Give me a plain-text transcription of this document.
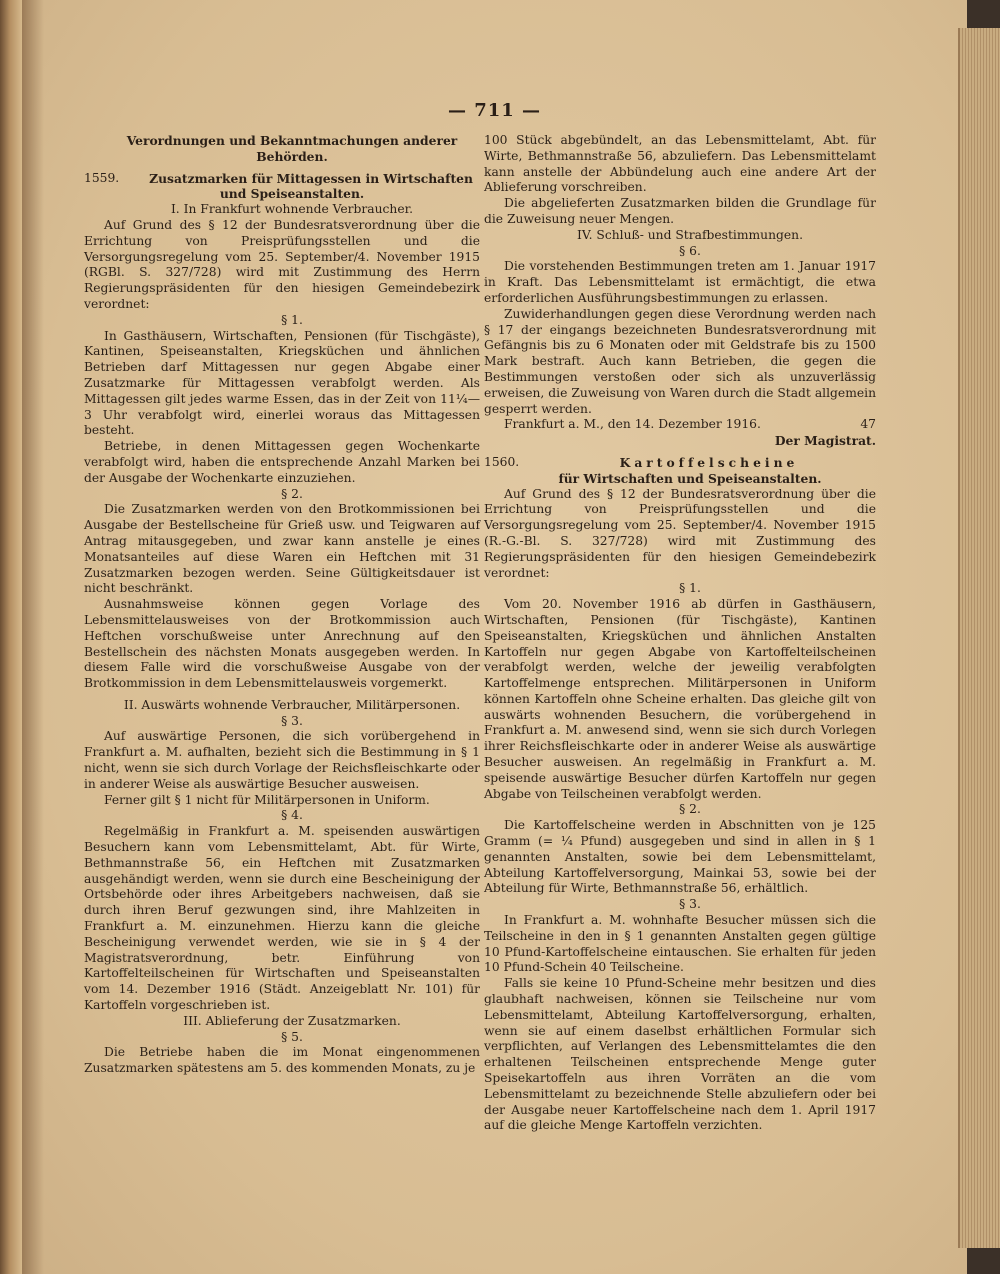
— 711 —

Verordnungen und Bekanntmachungen anderer

Behörden.

1559.	Zusatzmarken für Mittagessen in Wirtschaften

und Speiseanstalten.

I. In Frankfurt wohnende Verbraucher.

Auf Grund des § 12 der Bundesratsverordnung über die Errichtung von Preisprüfungsstellen und die Versorgungsregelung vom 25. September/4. November 1915 (RGBl. S. 327/728) wird mit Zustimmung des Herrn Regierungspräsidenten für den hiesigen Gemeindebezirk verordnet:

§ 1.

In Gasthäusern, Wirtschaften, Pensionen (für Tischgäste), Kantinen, Speiseanstalten, Kriegsküchen und ähnlichen Betrieben darf Mittagessen nur gegen Abgabe einer Zusatzmarke für Mittagessen verabfolgt werden. Als Mittagessen gilt jedes warme Essen, das in der Zeit von 11¼—3 Uhr verabfolgt wird, einerlei woraus das Mittagessen besteht.

Betriebe, in denen Mittagessen gegen Wochenkarte verabfolgt wird, haben die entsprechende Anzahl Marken bei der Ausgabe der Wochenkarte einzuziehen.

§ 2.

Die Zusatzmarken werden von den Brotkommissionen bei Ausgabe der Bestellscheine für Grieß usw. und Teigwaren auf Antrag mitausgegeben, und zwar kann anstelle je eines Monatsanteiles auf diese Waren ein Heftchen mit 31 Zusatzmarken bezogen werden. Seine Gültigkeitsdauer ist nicht beschränkt.

Ausnahmsweise können gegen Vorlage des Lebensmittelausweises von der Brotkommission auch Heftchen vorschußweise unter Anrechnung auf den Bestellschein des nächsten Monats ausgegeben werden. In diesem Falle wird die vorschußweise Ausgabe von der Brotkommission in dem Lebensmittelausweis vorgemerkt.

II. Auswärts wohnende Verbraucher, Militärpersonen.

§ 3.

Auf auswärtige Personen, die sich vorübergehend in Frankfurt a. M. aufhalten, bezieht sich die Bestimmung in § 1 nicht, wenn sie sich durch Vorlage der Reichsfleischkarte oder in anderer Weise als auswärtige Besucher ausweisen.

Ferner gilt § 1 nicht für Militärpersonen in Uniform.

§ 4.

Regelmäßig in Frankfurt a. M. speisenden auswärtigen Besuchern kann vom Lebensmittelamt, Abt. für Wirte, Bethmannstraße 56, ein Heftchen mit Zusatzmarken ausgehändigt werden, wenn sie durch eine Bescheinigung der Ortsbehörde oder ihres Arbeitgebers nachweisen, daß sie durch ihren Beruf gezwungen sind, ihre Mahlzeiten in Frankfurt a. M. einzunehmen. Hierzu kann die gleiche Bescheinigung verwendet werden, wie sie in § 4 der Magistratsverordnung, betr. Einführung von Kartoffelteilscheinen für Wirtschaften und Speiseanstalten vom 14. Dezember 1916 (Städt. Anzeigeblatt Nr. 101) für Kartoffeln vorgeschrieben ist.

III. Ablieferung der Zusatzmarken.

§ 5.

Die Betriebe haben die im Monat eingenommenen Zusatzmarken spätestens am 5. des kommenden Monats, zu je

100 Stück abgebündelt, an das Lebensmittelamt, Abt. für Wirte, Bethmannstraße 56, abzuliefern. Das Lebensmittelamt kann anstelle der Abbündelung auch eine andere Art der Ablieferung vorschreiben.

Die abgelieferten Zusatzmarken bilden die Grundlage für die Zuweisung neuer Mengen.

IV. Schluß- und Strafbestimmungen.

§ 6.

Die vorstehenden Bestimmungen treten am 1. Januar 1917 in Kraft. Das Lebensmittelamt ist ermächtigt, die etwa erforderlichen Ausführungsbestimmungen zu erlassen.

Zuwiderhandlungen gegen diese Verordnung werden nach § 17 der eingangs bezeichneten Bundesratsverordnung mit Gefängnis bis zu 6 Monaten oder mit Geldstrafe bis zu 1500 Mark bestraft. Auch kann Betrieben, die gegen die Bestimmungen verstoßen oder sich als unzuverlässig erweisen, die Zuweisung von Waren durch die Stadt allgemein gesperrt werden.

Frankfurt a. M., den 14. Dezember 1916.	47

Der Magistrat.

1560.	Kartoffelscheine

für Wirtschaften und Speiseanstalten.

Auf Grund des § 12 der Bundesratsverordnung über die Errichtung von Preisprüfungsstellen und die Versorgungsregelung vom 25. September/4. November 1915 (R.-G.-Bl. S. 327/728) wird mit Zustimmung des Regierungspräsidenten für den hiesigen Gemeindebezirk verordnet:

§ 1.

Vom 20. November 1916 ab dürfen in Gasthäusern, Wirtschaften, Pensionen (für Tischgäste), Kantinen Speiseanstalten, Kriegsküchen und ähnlichen Anstalten Kartoffeln nur gegen Abgabe von Kartoffelteilscheinen verabfolgt werden, welche der jeweilig verabfolgten Kartoffelmenge entsprechen. Militärpersonen in Uniform können Kartoffeln ohne Scheine erhalten. Das gleiche gilt von auswärts wohnenden Besuchern, die vorübergehend in Frankfurt a. M. anwesend sind, wenn sie sich durch Vorlegen ihrer Reichsfleischkarte oder in anderer Weise als auswärtige Besucher ausweisen. An regelmäßig in Frankfurt a. M. speisende auswärtige Besucher dürfen Kartoffeln nur gegen Abgabe von Teilscheinen verabfolgt werden.

§ 2.

Die Kartoffelscheine werden in Abschnitten von je 125 Gramm (= ¼ Pfund) ausgegeben und sind in allen in § 1 genannten Anstalten, sowie bei dem Lebensmittelamt, Abteilung Kartoffelversorgung, Mainkai 53, sowie bei der Abteilung für Wirte, Bethmannstraße 56, erhältlich.

§ 3.

In Frankfurt a. M. wohnhafte Besucher müssen sich die Teilscheine in den in § 1 genannten Anstalten gegen gültige 10 Pfund-Kartoffelscheine eintauschen. Sie erhalten für jeden 10 Pfund-Schein 40 Teilscheine.

Falls sie keine 10 Pfund-Scheine mehr besitzen und dies glaubhaft nachweisen, können sie Teilscheine nur vom Lebensmittelamt, Abteilung Kartoffelversorgung, erhalten, wenn sie auf einem daselbst erhältlichen Formular sich verpflichten, auf Verlangen des Lebensmittelamtes die den erhaltenen Teilscheinen entsprechende Menge guter Speisekartoffeln aus ihren Vorräten an die vom Lebensmittelamt zu bezeichnende Stelle abzuliefern oder bei der Ausgabe neuer Kartoffelscheine nach dem 1. April 1917 auf die gleiche Menge Kartoffeln verzichten.
